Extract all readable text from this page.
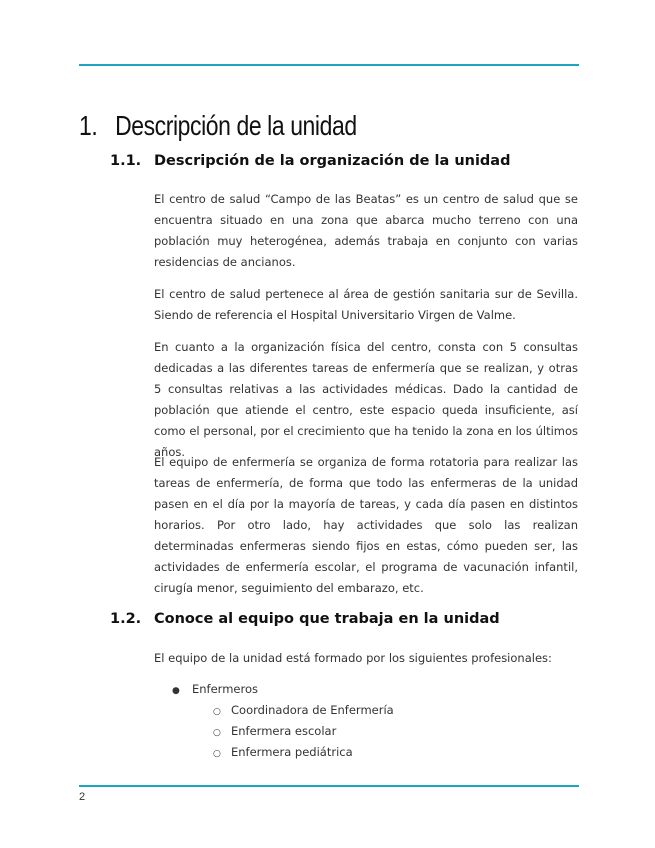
1. Descripción de la unidad
1.1. Descripción de la organización de la unidad

El centro de salud “Campo de las Beatas” es un centro de salud que se encuentra situado en una zona que abarca mucho terreno con una población muy heterogénea, además trabaja en conjunto con varias residencias de ancianos.

El centro de salud pertenece al área de gestión sanitaria sur de Sevilla. Siendo de referencia el Hospital Universitario Virgen de Valme.

En cuanto a la organización física del centro, consta con 5 consultas dedicadas a las diferentes tareas de enfermería que se realizan, y otras 5 consultas relativas a las actividades médicas. Dado la cantidad de población que atiende el centro, este espacio queda insuficiente, así como el personal, por el crecimiento que ha tenido la zona en los últimos años.

El equipo de enfermería se organiza de forma rotatoria para realizar las tareas de enfermería, de forma que todo las enfermeras de la unidad pasen en el día por la mayoría de tareas, y cada día pasen en distintos horarios. Por otro lado, hay actividades que solo las realizan determinadas enfermeras siendo fijos en estas, cómo pueden ser, las actividades de enfermería escolar, el programa de vacunación infantil, cirugía menor, seguimiento del embarazo, etc.

1.2. Conoce al equipo que trabaja en la unidad

El equipo de la unidad está formado por los siguientes profesionales:

● Enfermeros
○ Coordinadora de Enfermería
○ Enfermera escolar
○ Enfermera pediátrica
2
